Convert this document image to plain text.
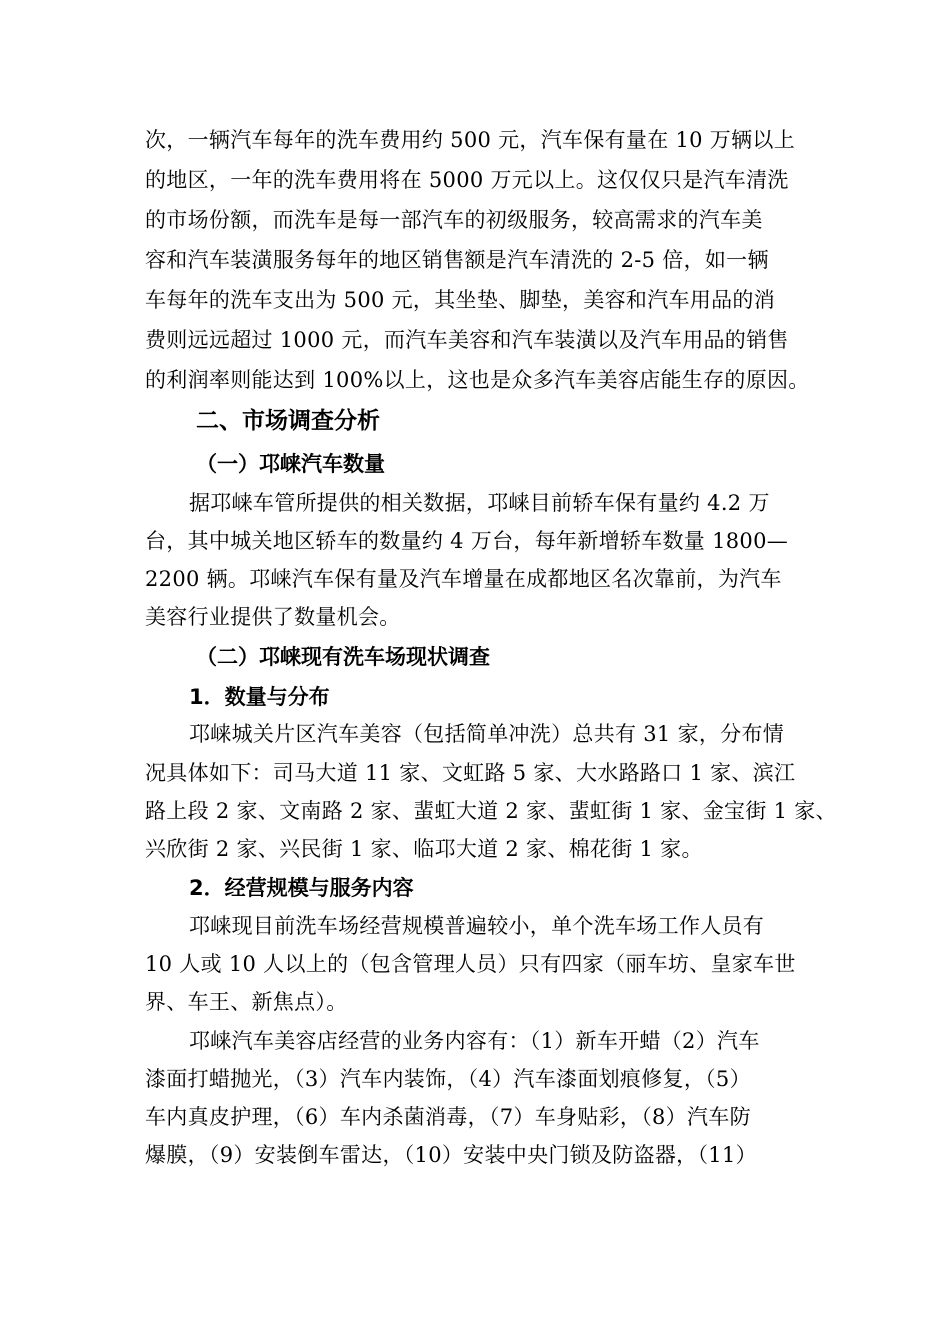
次，一辆汽车每年的洗车费用约 500 元，汽车保有量在 10 万辆以上
的地区，一年的洗车费用将在 5000 万元以上。这仅仅只是汽车清洗
的市场份额，而洗车是每一部汽车的初级服务，较高需求的汽车美
容和汽车装潢服务每年的地区销售额是汽车清洗的 2-5 倍，如一辆
车每年的洗车支出为 500 元，其坐垫、脚垫，美容和汽车用品的消
费则远远超过 1000 元，而汽车美容和汽车装潢以及汽车用品的销售
的利润率则能达到 100%以上，这也是众多汽车美容店能生存的原因。
二、市场调查分析
（一）邛崃汽车数量
据邛崃车管所提供的相关数据，邛崃目前轿车保有量约 4.2 万
台，其中城关地区轿车的数量约 4 万台，每年新增轿车数量 1800—
2200 辆。邛崃汽车保有量及汽车增量在成都地区名次靠前，为汽车
美容行业提供了数量机会。
（二）邛崃现有洗车场现状调查
1．数量与分布
邛崃城关片区汽车美容（包括简单冲洗）总共有 31 家，分布情
况具体如下：司马大道 11 家、文虹路 5 家、大水路路口 1 家、滨江
路上段 2 家、文南路 2 家、蜚虹大道 2 家、蜚虹街 1 家、金宝街 1 家、
兴欣街 2 家、兴民街 1 家、临邛大道 2 家、棉花街 1 家。
2．经营规模与服务内容
邛崃现目前洗车场经营规模普遍较小，单个洗车场工作人员有
10 人或 10 人以上的（包含管理人员）只有四家（丽车坊、皇家车世
界、车王、新焦点）。
邛崃汽车美容店经营的业务内容有：（1）新车开蜡（2）汽车
漆面打蜡抛光，（3）汽车内装饰，（4）汽车漆面划痕修复，（5）
车内真皮护理，（6）车内杀菌消毒，（7）车身贴彩，（8）汽车防
爆膜，（9）安装倒车雷达，（10）安装中央门锁及防盗器，（11）
